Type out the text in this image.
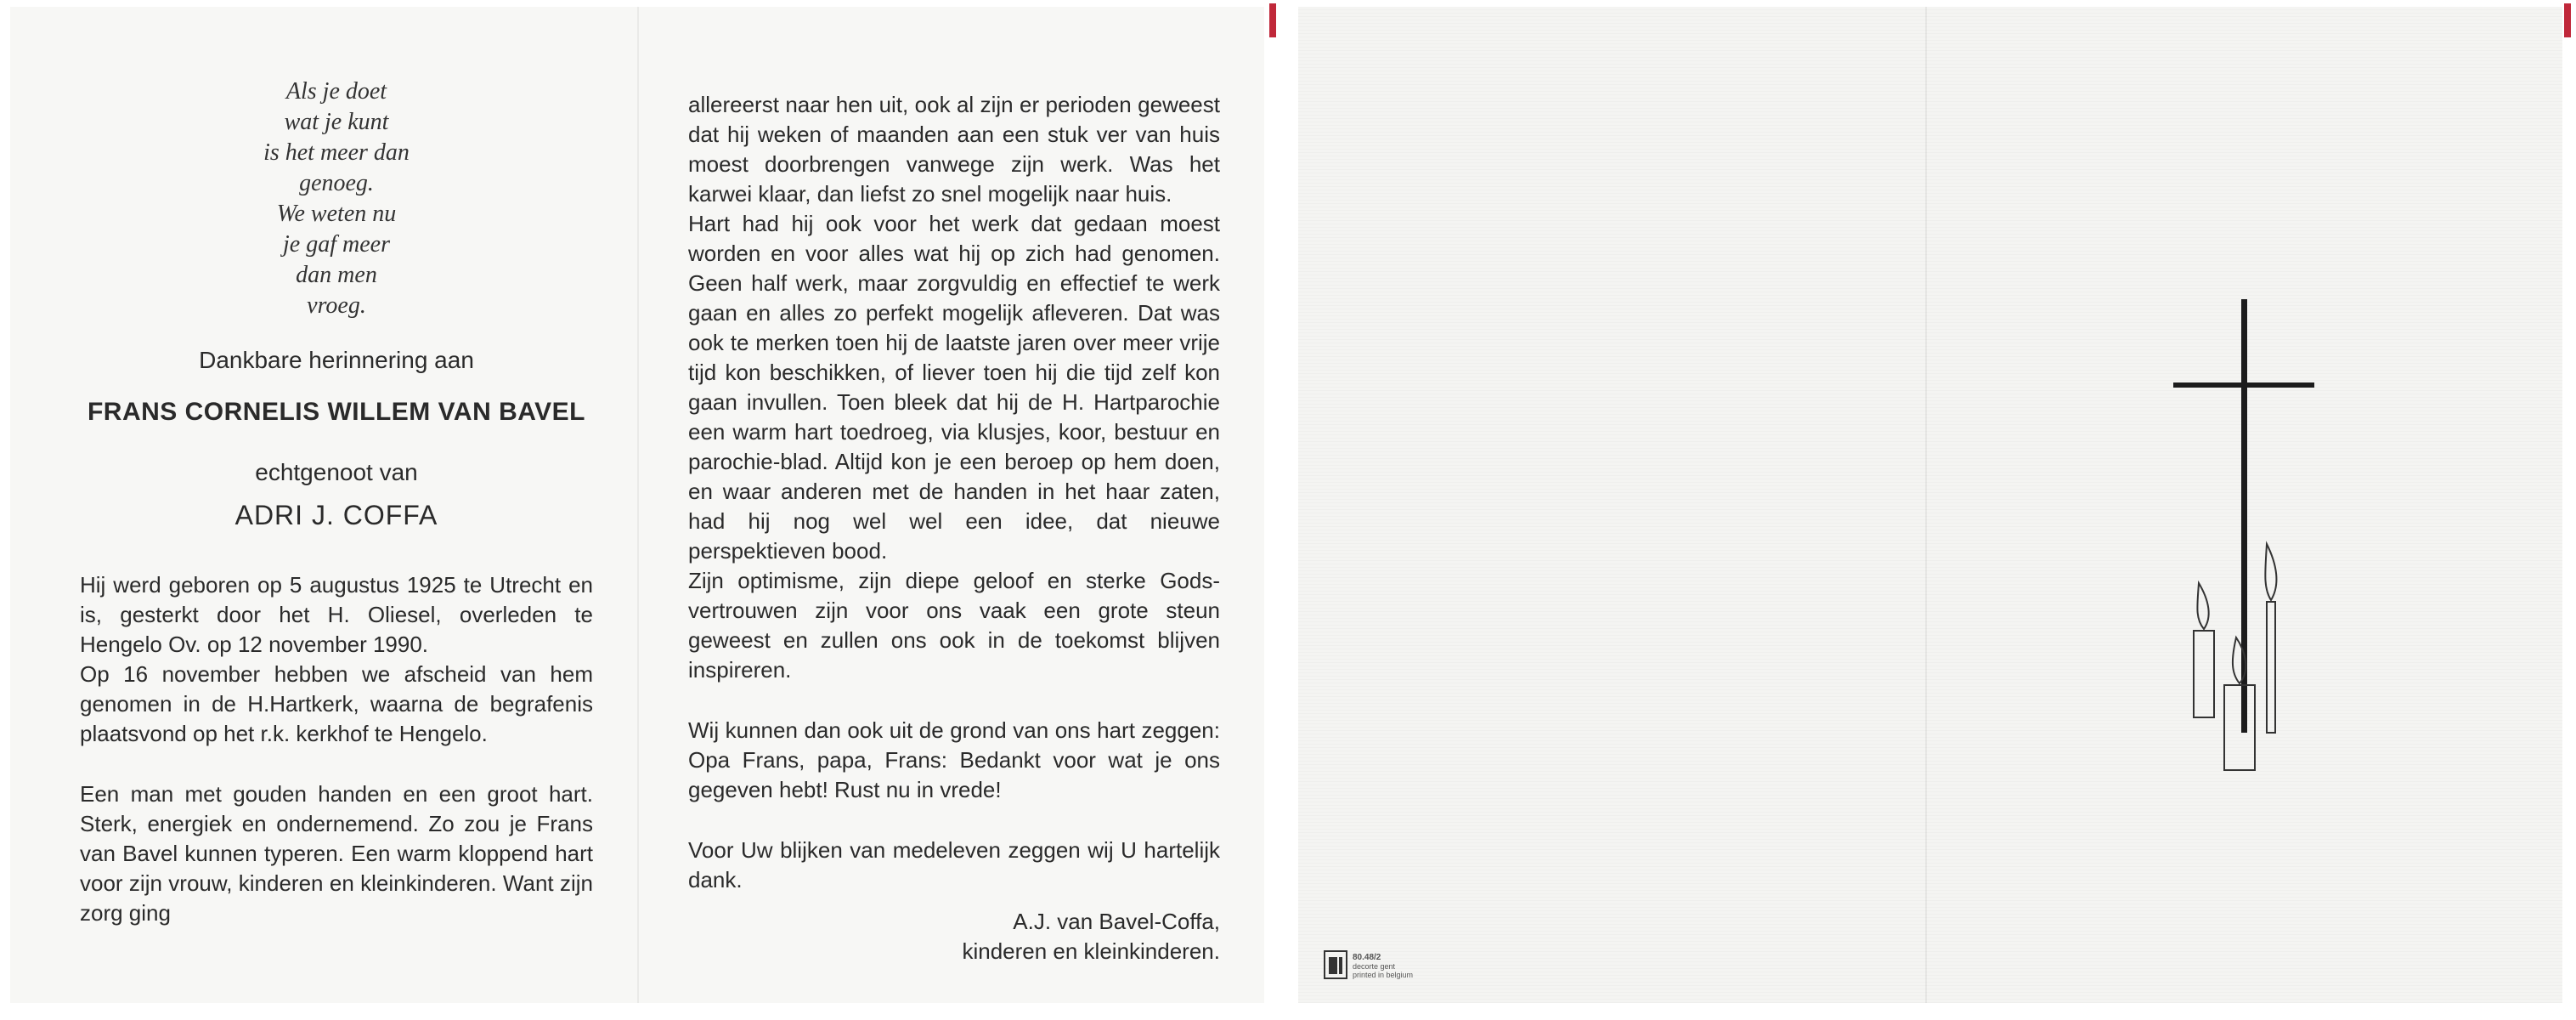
Als je doet
wat je kunt
is het meer dan
genoeg.
We weten nu
je gaf meer
dan men
vroeg.
Dankbare herinnering aan
FRANS CORNELIS WILLEM VAN BAVEL
echtgenoot van
ADRI J. COFFA

Hij werd geboren op 5 augustus 1925 te Utrecht en is, gesterkt door het H. Oliesel, overleden te Hengelo Ov. op 12 november 1990.

Op 16 november hebben we afscheid van hem genomen in de H.Hartkerk, waarna de begrafenis plaatsvond op het r.k. kerkhof te Hengelo.

Een man met gouden handen en een groot hart. Sterk, energiek en ondernemend. Zo zou je Frans van Bavel kunnen typeren. Een warm kloppend hart voor zijn vrouw, kinderen en kleinkinderen. Want zijn zorg ging

allereerst naar hen uit, ook al zijn er perioden geweest dat hij weken of maanden aan een stuk ver van huis moest doorbrengen vanwege zijn werk. Was het karwei klaar, dan liefst zo snel mogelijk naar huis.

Hart had hij ook voor het werk dat gedaan moest worden en voor alles wat hij op zich had genomen. Geen half werk, maar zorgvuldig en effectief te werk gaan en alles zo perfekt mogelijk afleveren. Dat was ook te merken toen hij de laatste jaren over meer vrije tijd kon beschikken, of liever toen hij die tijd zelf kon gaan invullen. Toen bleek dat hij de H. Hartparochie een warm hart toedroeg, via klusjes, koor, bestuur en parochie-blad. Altijd kon je een beroep op hem doen, en waar anderen met de handen in het haar zaten, had hij nog wel wel een idee, dat nieuwe perspektieven bood.

Zijn optimisme, zijn diepe geloof en sterke Gods-vertrouwen zijn voor ons vaak een grote steun geweest en zullen ons ook in de toekomst blijven inspireren.

Wij kunnen dan ook uit de grond van ons hart zeggen: Opa Frans, papa, Frans: Bedankt voor wat je ons gegeven hebt! Rust nu in vrede!

Voor Uw blijken van medeleven zeggen wij U hartelijk dank.

A.J. van Bavel-Coffa,
kinderen en kleinkinderen.	80.48/2
decorte gent
printed in belgium
